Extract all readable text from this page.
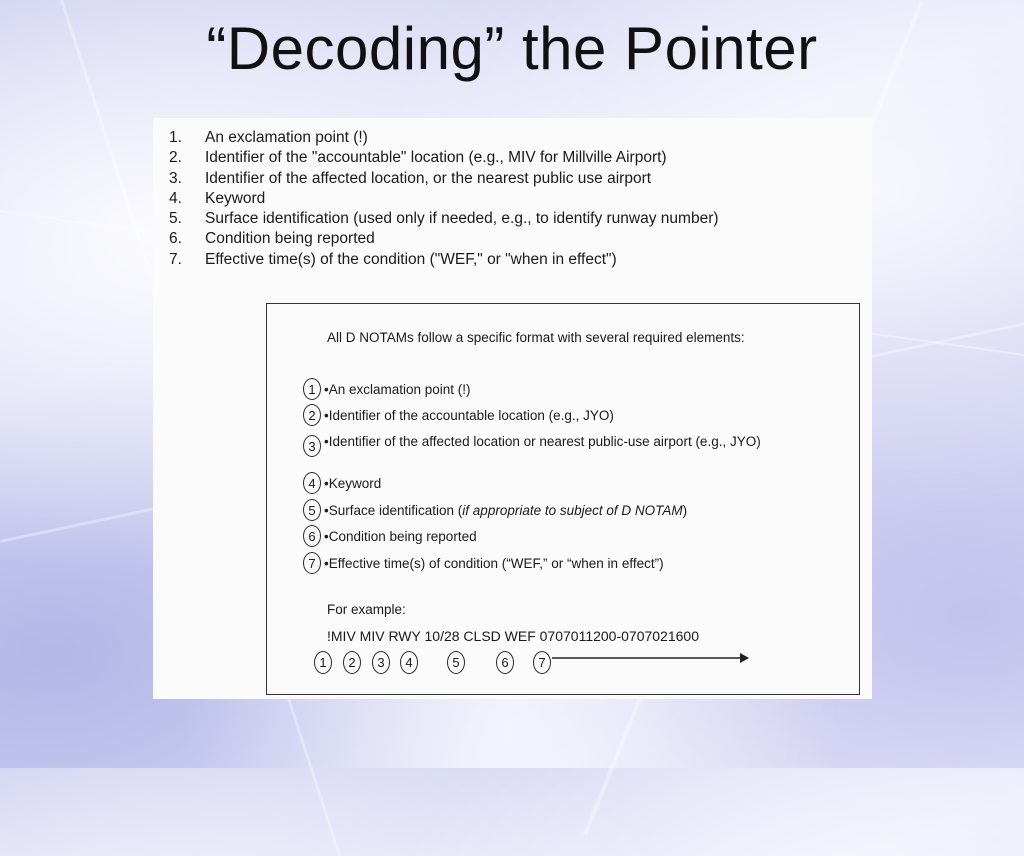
“Decoding” the Pointer
1.	An exclamation point (!)
2.	Identifier of the "accountable" location (e.g., MIV for Millville Airport)
3.	Identifier of the affected location, or the nearest public use airport
4.	Keyword
5.	Surface identification (used only if needed, e.g., to identify runway number)
6.	Condition being reported
7.	Effective time(s) of the condition ("WEF," or "when in effect")

All D NOTAMs follow a specific format with several required elements:

1 •An exclamation point (!)
2 •Identifier of the accountable location (e.g., JYO)
3 •Identifier of the affected location or nearest public-use airport (e.g., JYO)
4 •Keyword
5 •Surface identification (if appropriate to subject of D NOTAM)
6 •Condition being reported
7 •Effective time(s) of condition (“WEF,” or “when in effect”)

For example:

!MIV MIV RWY 10/28 CLSD WEF 0707011200-0707021600

1	2	3	4	5	6	7
